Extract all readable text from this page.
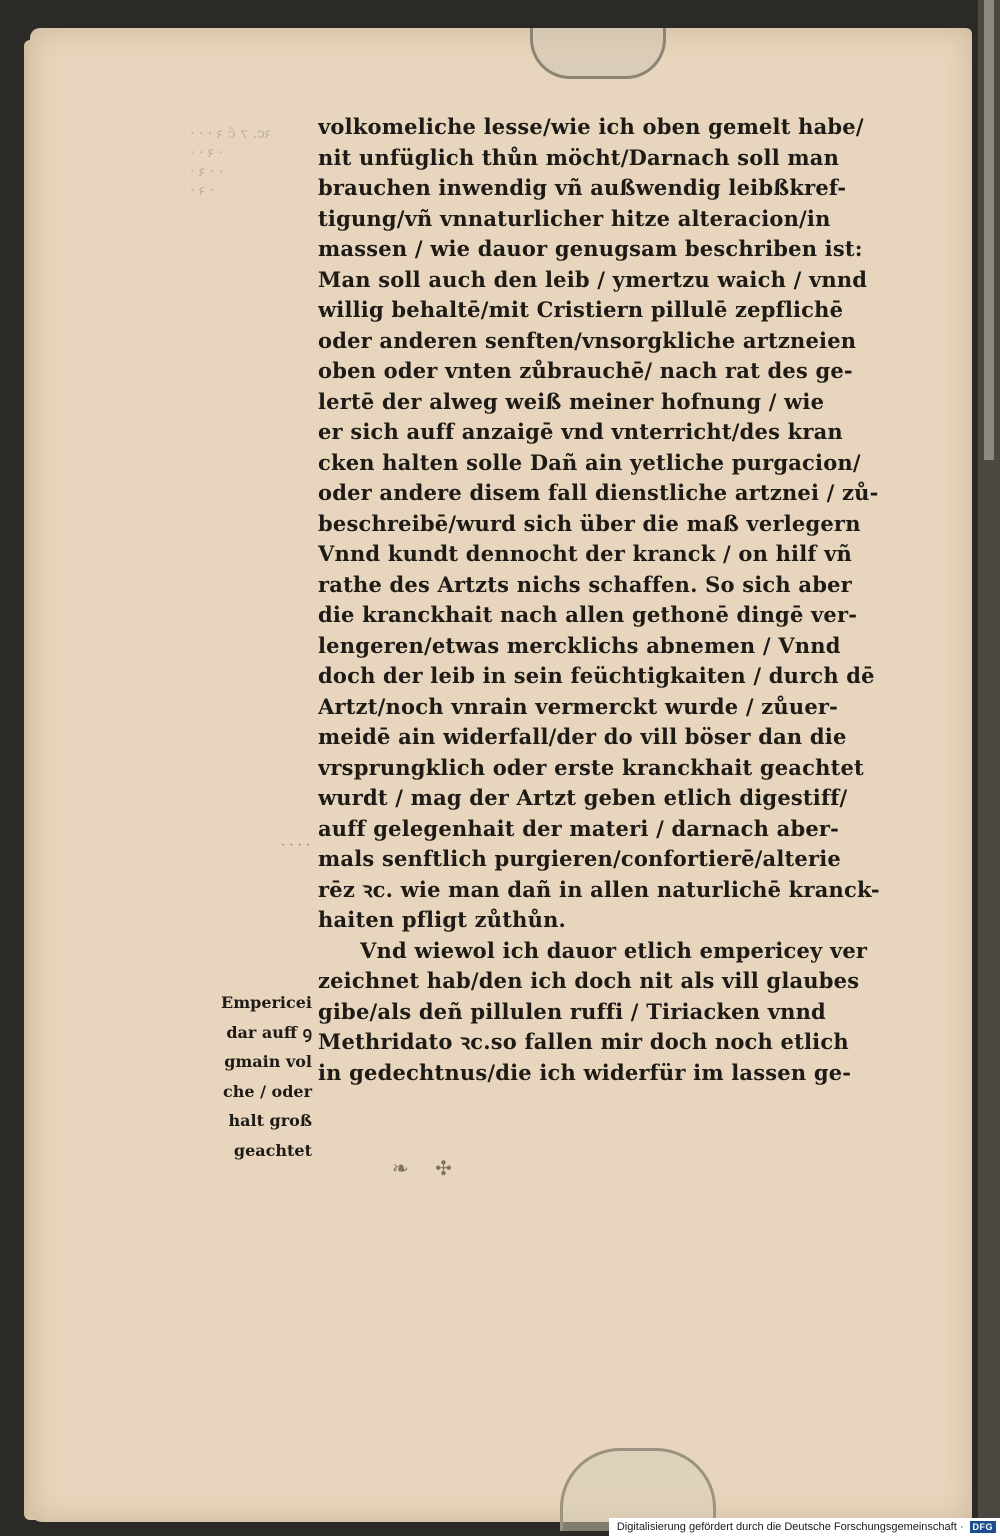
ꝛc. ⁊ c̄ ꝛ · · ·
· ꝛ · ·
· · ꝛ ·
· ꝛ ·
· · · ·
volkomeliche lesse/wie ich oben gemelt habe/
nit unfüglich thůn möcht/Darnach soll man
brauchen inwendig vñ außwendig leibßkref-
tigung/vñ vnnaturlicher hitze alteracion/in
massen / wie dauor genugsam beschriben ist:
Man soll auch den leib / ymertzu waich / vnnd
willig behaltē/mit Cristiern pillulē zepflichē
oder anderen senften/vnsorgkliche artzneien
oben oder vnten zůbrauchē/ nach rat des ge-
lertē der alweg weiß meiner hofnung / wie
er sich auff anzaigē vnd vnterricht/des kran
cken halten solle Dañ ain yetliche purgacion/
oder andere disem fall dienstliche artznei / zů-
beschreibē/wurd sich über die maß verlegern
Vnnd kundt dennocht der kranck / on hilf vñ
rathe des Artzts nichs schaffen. So sich aber
die kranckhait nach allen gethonē dingē ver-
lengeren/etwas mercklichs abnemen / Vnnd
doch der leib in sein feüchtigkaiten / durch dē
Artzt/noch vnrain vermerckt wurde / zůuer-
meidē ain widerfall/der do vill böser dan die
vrsprungklich oder erste kranckhait geachtet
wurdt / mag der Artzt geben etlich digestiff/
auff gelegenhait der materi / darnach aber-
mals senftlich purgieren/confortierē/alterie
rēz ꝛc. wie man dañ in allen naturlichē kranck-
haiten pfligt zůthůn.
Vnd wiewol ich dauor etlich empericey ver
zeichnet hab/den ich doch nit als vill glaubes
gibe/als deñ pillulen ruffi / Tiriacken vnnd
Methridato ꝛc.so fallen mir doch noch etlich
in gedechtnus/die ich widerfür im lassen ge-
Empericei
dar auff ꝯ
gmain vol
che / oder
halt groß
geachtet
❧ ✣
Digitalisierung gefördert durch die Deutsche Forschungsgemeinschaft ·	DFG
